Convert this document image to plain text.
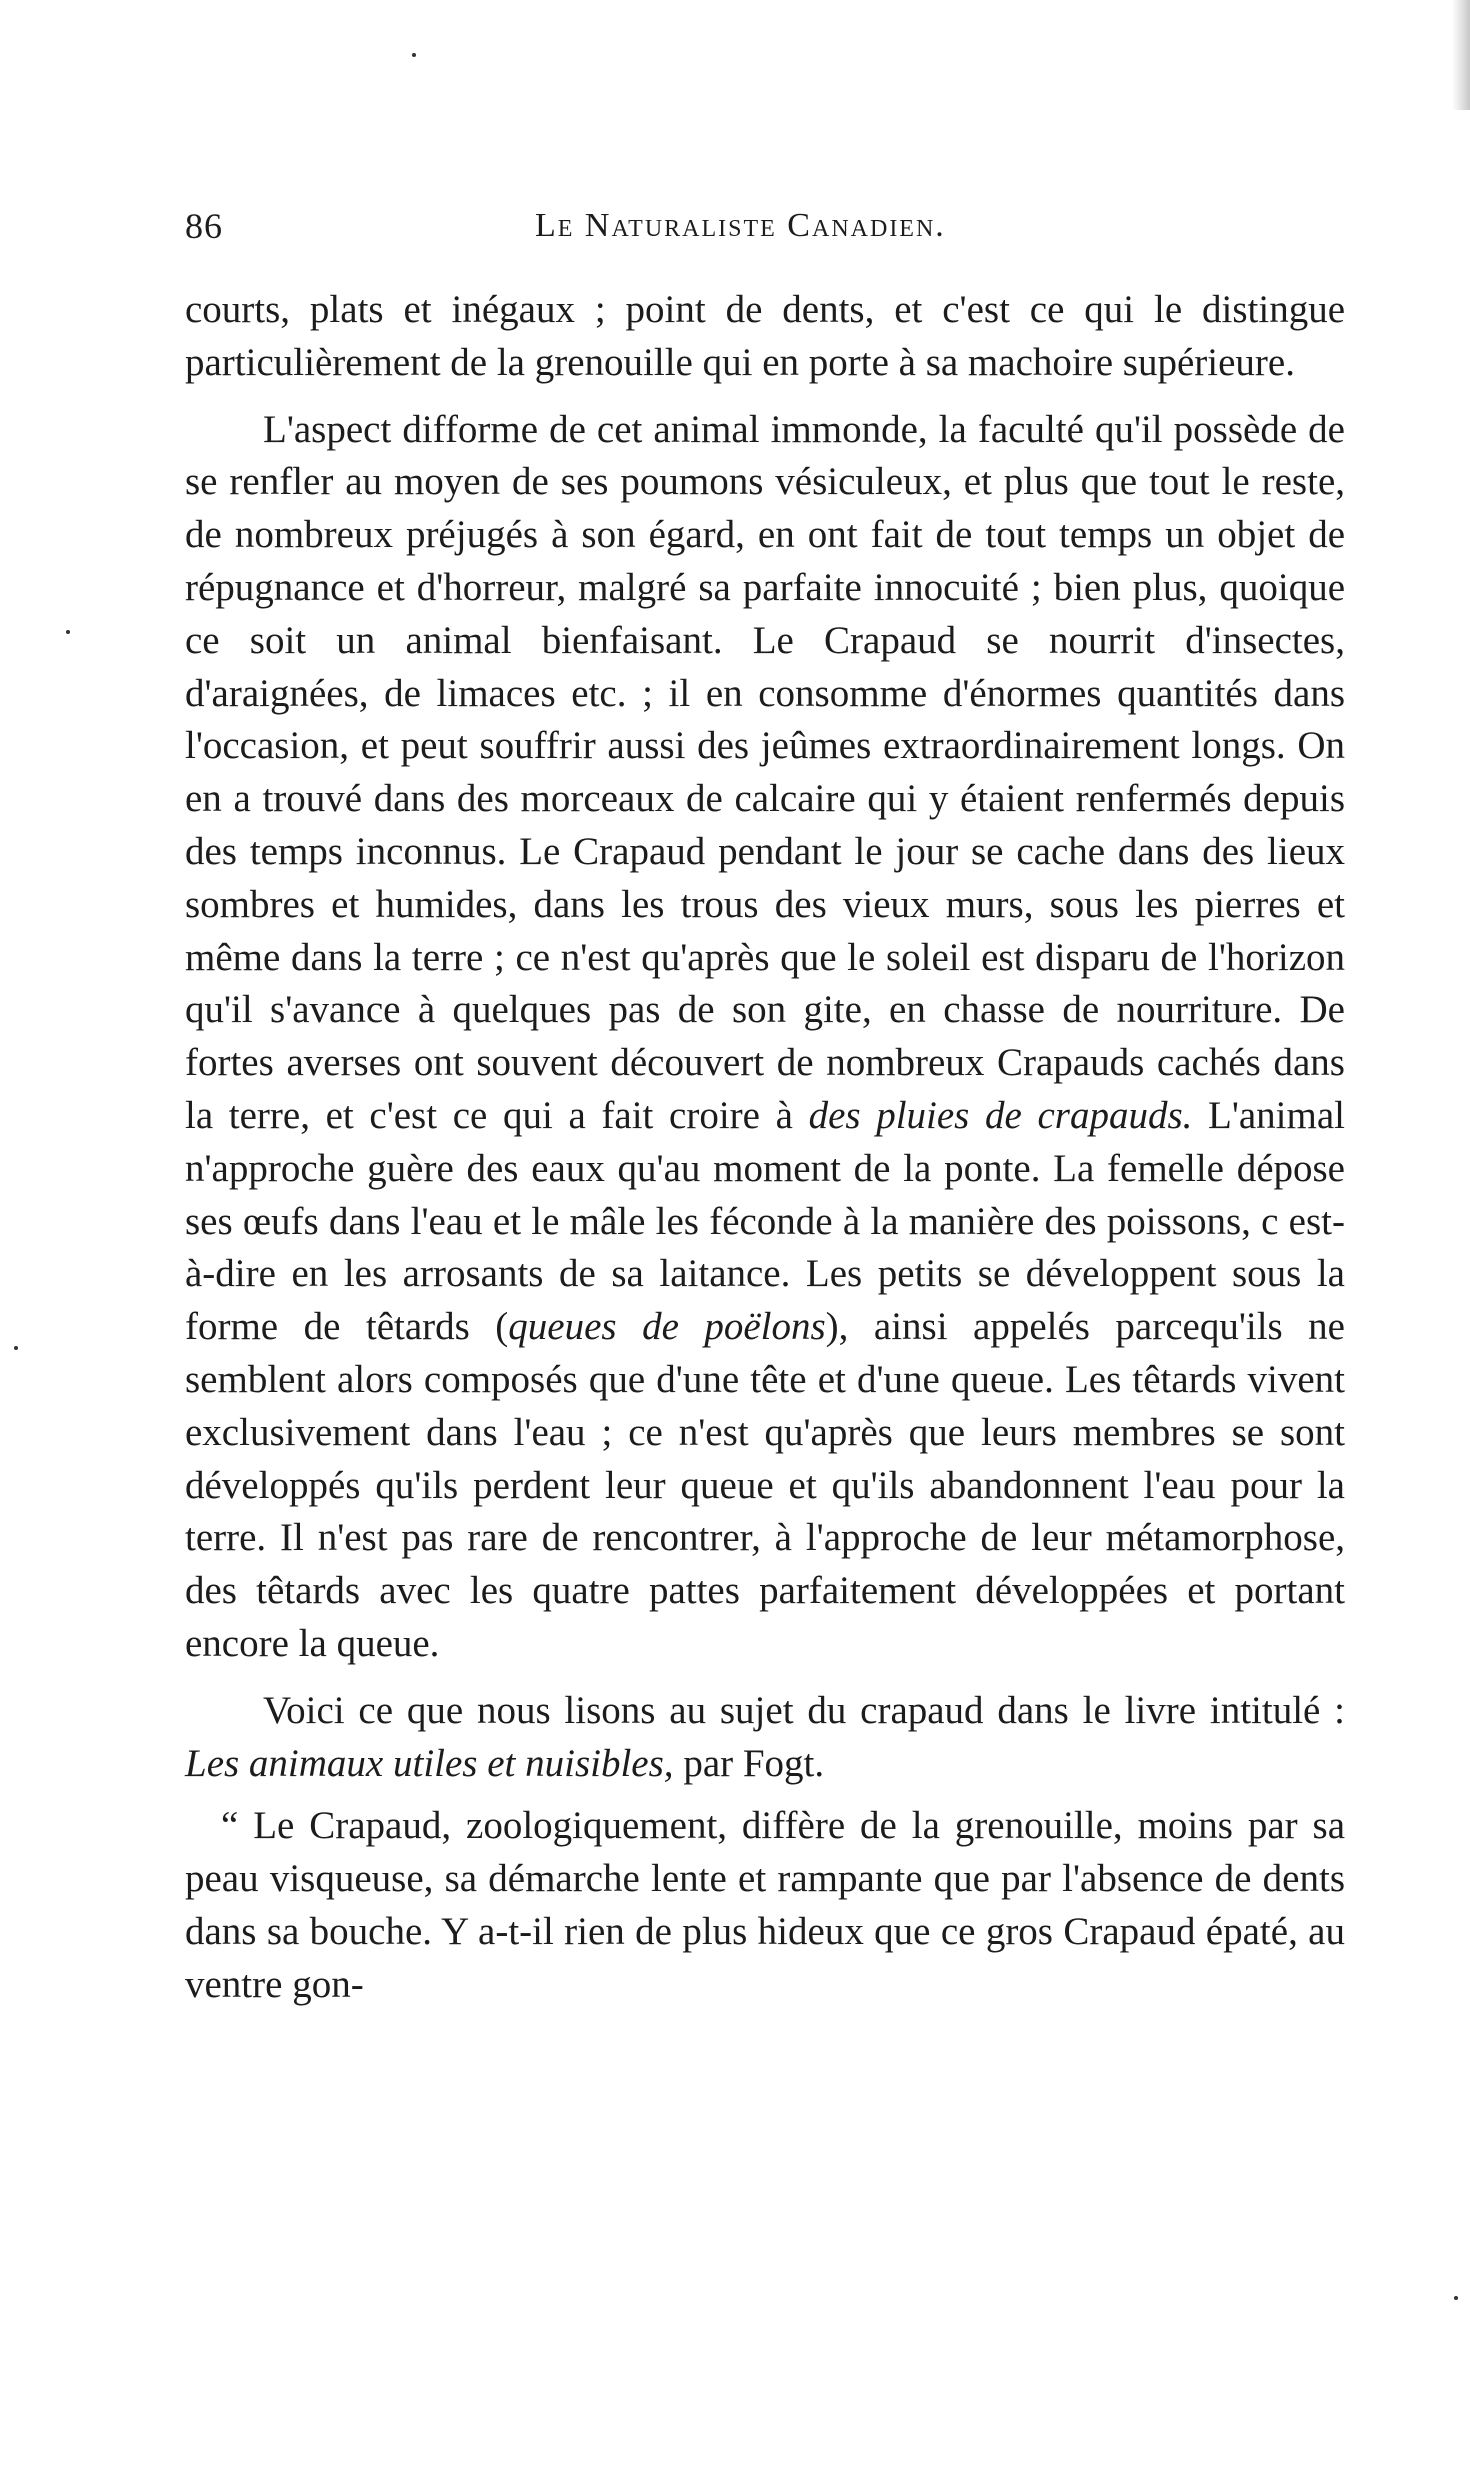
86	Le Naturaliste Canadien.

courts, plats et inégaux ; point de dents, et c'est ce qui le distingue particulièrement de la grenouille qui en porte à sa machoire supérieure.

L'aspect difforme de cet animal immonde, la faculté qu'il possède de se renfler au moyen de ses poumons vésiculeux, et plus que tout le reste, de nombreux préjugés à son égard, en ont fait de tout temps un objet de répugnance et d'horreur, malgré sa parfaite innocuité ; bien plus, quoique ce soit un animal bienfaisant. Le Crapaud se nourrit d'insectes, d'araignées, de limaces etc. ; il en consomme d'énormes quantités dans l'occasion, et peut souffrir aussi des jeûmes extraordinairement longs. On en a trouvé dans des morceaux de calcaire qui y étaient renfermés depuis des temps inconnus. Le Crapaud pendant le jour se cache dans des lieux sombres et humides, dans les trous des vieux murs, sous les pierres et même dans la terre ; ce n'est qu'après que le soleil est disparu de l'horizon qu'il s'avance à quelques pas de son gite, en chasse de nourriture. De fortes averses ont souvent découvert de nombreux Crapauds cachés dans la terre, et c'est ce qui a fait croire à des pluies de crapauds. L'animal n'approche guère des eaux qu'au moment de la ponte. La femelle dépose ses œufs dans l'eau et le mâle les féconde à la manière des poissons, c est-à-dire en les arrosants de sa laitance. Les petits se développent sous la forme de têtards (queues de poëlons), ainsi appelés parcequ'ils ne semblent alors composés que d'une tête et d'une queue. Les têtards vivent exclusivement dans l'eau ; ce n'est qu'après que leurs membres se sont développés qu'ils perdent leur queue et qu'ils abandonnent l'eau pour la terre. Il n'est pas rare de rencontrer, à l'approche de leur métamorphose, des têtards avec les quatre pattes parfaitement développées et portant encore la queue.

Voici ce que nous lisons au sujet du crapaud dans le livre intitulé : Les animaux utiles et nuisibles, par Fogt.

“ Le Crapaud, zoologiquement, diffère de la grenouille, moins par sa peau visqueuse, sa démarche lente et rampante que par l'absence de dents dans sa bouche. Y a-t-il rien de plus hideux que ce gros Crapaud épaté, au ventre gon-
